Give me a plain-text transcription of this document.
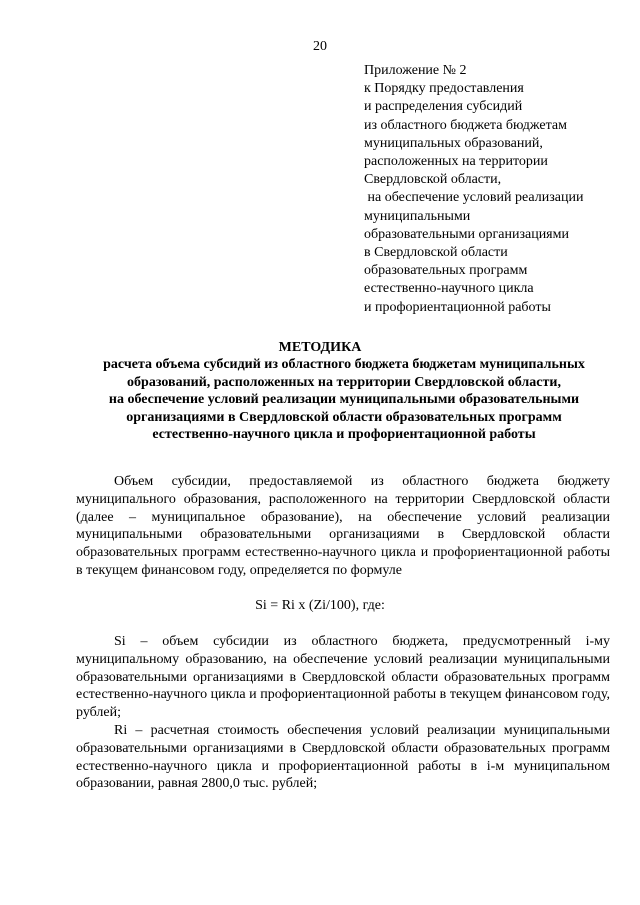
20
Приложение № 2
к Порядку предоставления
и распределения субсидий
из областного бюджета бюджетам
муниципальных образований,
расположенных на территории
Свердловской области,
на обеспечение условий реализации
муниципальными
образовательными организациями
в Свердловской области
образовательных программ
естественно-научного цикла
и профориентационной работы
МЕТОДИКА
расчета объема субсидий из областного бюджета бюджетам муниципальных
образований, расположенных на территории Свердловской области,
на обеспечение условий реализации муниципальными образовательными
организациями в Свердловской области образовательных программ
естественно-научного цикла и профориентационной работы

Объем субсидии, предоставляемой из областного бюджета бюджету муниципального образования, расположенного на территории Свердловской области (далее – муниципальное образование), на обеспечение условий реализации муниципальными образовательными организациями в Свердловской области образовательных программ естественно-научного цикла и профориентационной работы в текущем финансовом году, определяется по формуле

Si = Ri x (Zi/100), где:

Si – объем субсидии из областного бюджета, предусмотренный i-му муниципальному образованию, на обеспечение условий реализации муниципальными образовательными организациями в Свердловской области образовательных программ естественно-научного цикла и профориентационной работы в текущем финансовом году, рублей;

Ri – расчетная стоимость обеспечения условий реализации муниципальными образовательными организациями в Свердловской области образовательных программ естественно-научного цикла и профориентационной работы в i-м муниципальном образовании, равная 2800,0 тыс. рублей;
